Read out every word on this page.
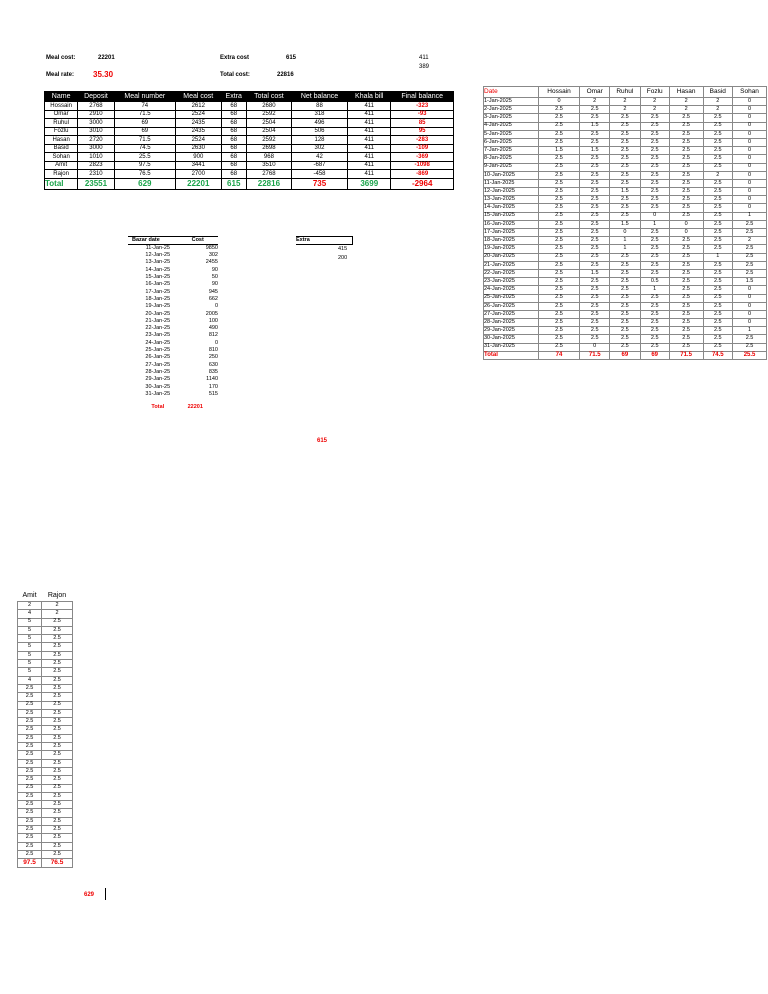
Meal cost:	22201	Extra cost	615	411
389
Meal rate: 35.30	Total cost:	22816
Name	Deposit	Meal number	Meal cost	Extra	Total cost	Net balance	Khala bill	Final balance
Hossain	2768	74	2612	68	2680	88	411	-323
Omar	2910	71.5	2524	68	2592	318	411	-93
Ruhul	3000	69	2435	68	2504	496	411	85
Fozlu	3010	69	2435	68	2504	506	411	95
Hasan	2720	71.5	2524	68	2592	128	411	-283
Basid	3000	74.5	2630	68	2698	302	411	-109
Sohan	1010	25.5	900	68	968	42	411	-369
Amit	2823	97.5	3441	68	3510	-687	411	-1098
Rajon	2310	76.5	2700	68	2768	-458	411	-869
Total	23551	629	22201	615	22816	735	3699	-2964
Date	Hossain	Omar	Ruhul	Fozlu	Hasan	Basid	Sohan
1-Jan-2025	0	2	2	2	2	2	0
2-Jan-2025	2.5	2.5	2	2	2	2	0
3-Jan-2025	2.5	2.5	2.5	2.5	2.5	2.5	0
4-Jan-2025	2.5	1.5	2.5	2.5	2.5	2.5	0
5-Jan-2025	2.5	2.5	2.5	2.5	2.5	2.5	0
6-Jan-2025	2.5	2.5	2.5	2.5	2.5	2.5	0
7-Jan-2025	1.5	1.5	2.5	2.5	2.5	2.5	0
8-Jan-2025	2.5	2.5	2.5	2.5	2.5	2.5	0
9-Jan-2025	2.5	2.5	2.5	2.5	2.5	2.5	0
10-Jan-2025	2.5	2.5	2.5	2.5	2.5	2	0
11-Jan-2025	2.5	2.5	2.5	2.5	2.5	2.5	0
12-Jan-2025	2.5	2.5	1.5	2.5	2.5	2.5	0
13-Jan-2025	2.5	2.5	2.5	2.5	2.5	2.5	0
14-Jan-2025	2.5	2.5	2.5	2.5	2.5	2.5	0
15-Jan-2025	2.5	2.5	2.5	0	2.5	2.5	1
16-Jan-2025	2.5	2.5	1.5	1	0	2.5	2.5
17-Jan-2025	2.5	2.5	0	2.5	0	2.5	2.5
18-Jan-2025	2.5	2.5	1	2.5	2.5	2.5	2
19-Jan-2025	2.5	2.5	1	2.5	2.5	2.5	2.5
20-Jan-2025	2.5	2.5	2.5	2.5	2.5	1	2.5
21-Jan-2025	2.5	2.5	2.5	2.5	2.5	2.5	2.5
22-Jan-2025	2.5	1.5	2.5	2.5	2.5	2.5	2.5
23-Jan-2025	2.5	2.5	2.5	0.5	2.5	2.5	1.5
24-Jan-2025	2.5	2.5	2.5	1	2.5	2.5	0
25-Jan-2025	2.5	2.5	2.5	2.5	2.5	2.5	0
26-Jan-2025	2.5	2.5	2.5	2.5	2.5	2.5	0
27-Jan-2025	2.5	2.5	2.5	2.5	2.5	2.5	0
28-Jan-2025	2.5	2.5	2.5	2.5	2.5	2.5	0
29-Jan-2025	2.5	2.5	2.5	2.5	2.5	2.5	1
30-Jan-2025	2.5	2.5	2.5	2.5	2.5	2.5	2.5
31-Jan-2025	2.5	0	2.5	2.5	2.5	2.5	2.5
Total	74	71.5	69	69	71.5	74.5	25.5
Bazar date	Cost
11-Jan-25	9850
12-Jan-25	302
13-Jan-25	2455
14-Jan-25	90
15-Jan-25	50
16-Jan-25	90
17-Jan-25	945
18-Jan-25	662
19-Jan-25	0
20-Jan-25	2005
21-Jan-25	100
22-Jan-25	490
23-Jan-25	812
24-Jan-25	0
25-Jan-25	810
26-Jan-25	250
27-Jan-25	630
28-Jan-25	835
29-Jan-25	1140
30-Jan-25	170
31-Jan-25	515
Total	22201
Extra
415
200
615
Amit	Rajon
2	2
4	2
5	2.5
5	2.5
5	2.5
5	2.5
5	2.5
5	2.5
5	2.5
4	2.5
2.5	2.5
2.5	2.5
2.5	2.5
2.5	2.5
2.5	2.5
2.5	2.5
2.5	2.5
2.5	2.5
2.5	2.5
2.5	2.5
2.5	2.5
2.5	2.5
2.5	2.5
2.5	2.5
2.5	2.5
2.5	2.5
2.5	2.5
2.5	2.5
2.5	2.5
2.5	2.5
2.5	2.5
97.5	76.5
629
